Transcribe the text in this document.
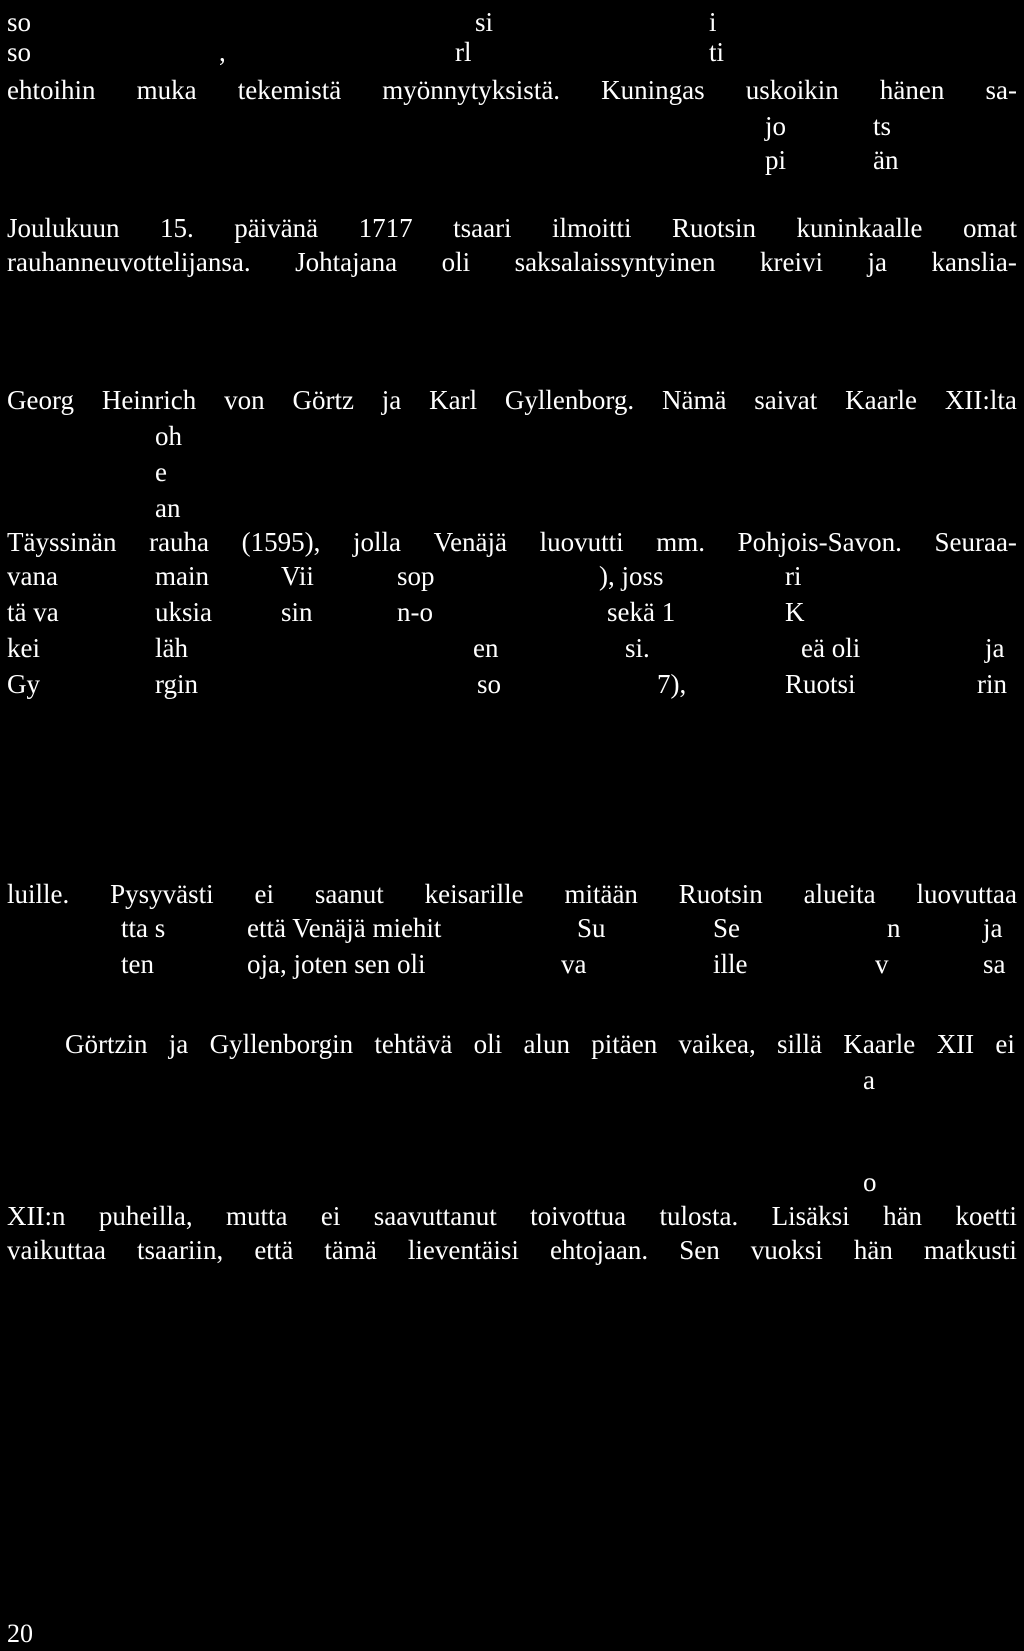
so	si	i
so	,	rl	ti
ehtoihin muka tekemistä myönnytyksistä. Kuningas uskoikin hänen sa-
jo	ts
pi	än
Joulukuun 15. päivänä 1717 tsaari ilmoitti Ruotsin kuninkaalle omat
rauhanneuvottelijansa. Johtajana oli saksalaissyntyinen kreivi ja kanslia-
Georg Heinrich von Görtz ja Karl Gyllenborg. Nämä saivat Kaarle XII:lta
oh
e
an
Täyssinän rauha (1595), jolla Venäjä luovutti mm. Pohjois-Savon. Seuraa-
vana	main	Vii	sop	), joss	ri
tä va	uksia	sin	n-o	sekä 1	K
kei	läh	en	si.	eä oli	ja
Gy	rgin	so	7),	Ruotsi	rin
luille. Pysyvästi ei saanut keisarille mitään Ruotsin alueita luovuttaa
tta s	että Venäjä miehit	Su	Se	n	ja
ten	oja, joten sen oli	va	ille	v	sa
Görtzin ja Gyllenborgin tehtävä oli alun pitäen vaikea, sillä Kaarle XII ei
a
o
XII:n puheilla, mutta ei saavuttanut toivottua tulosta. Lisäksi hän koetti
vaikuttaa tsaariin, että tämä lieventäisi ehtojaan. Sen vuoksi hän matkusti
20
